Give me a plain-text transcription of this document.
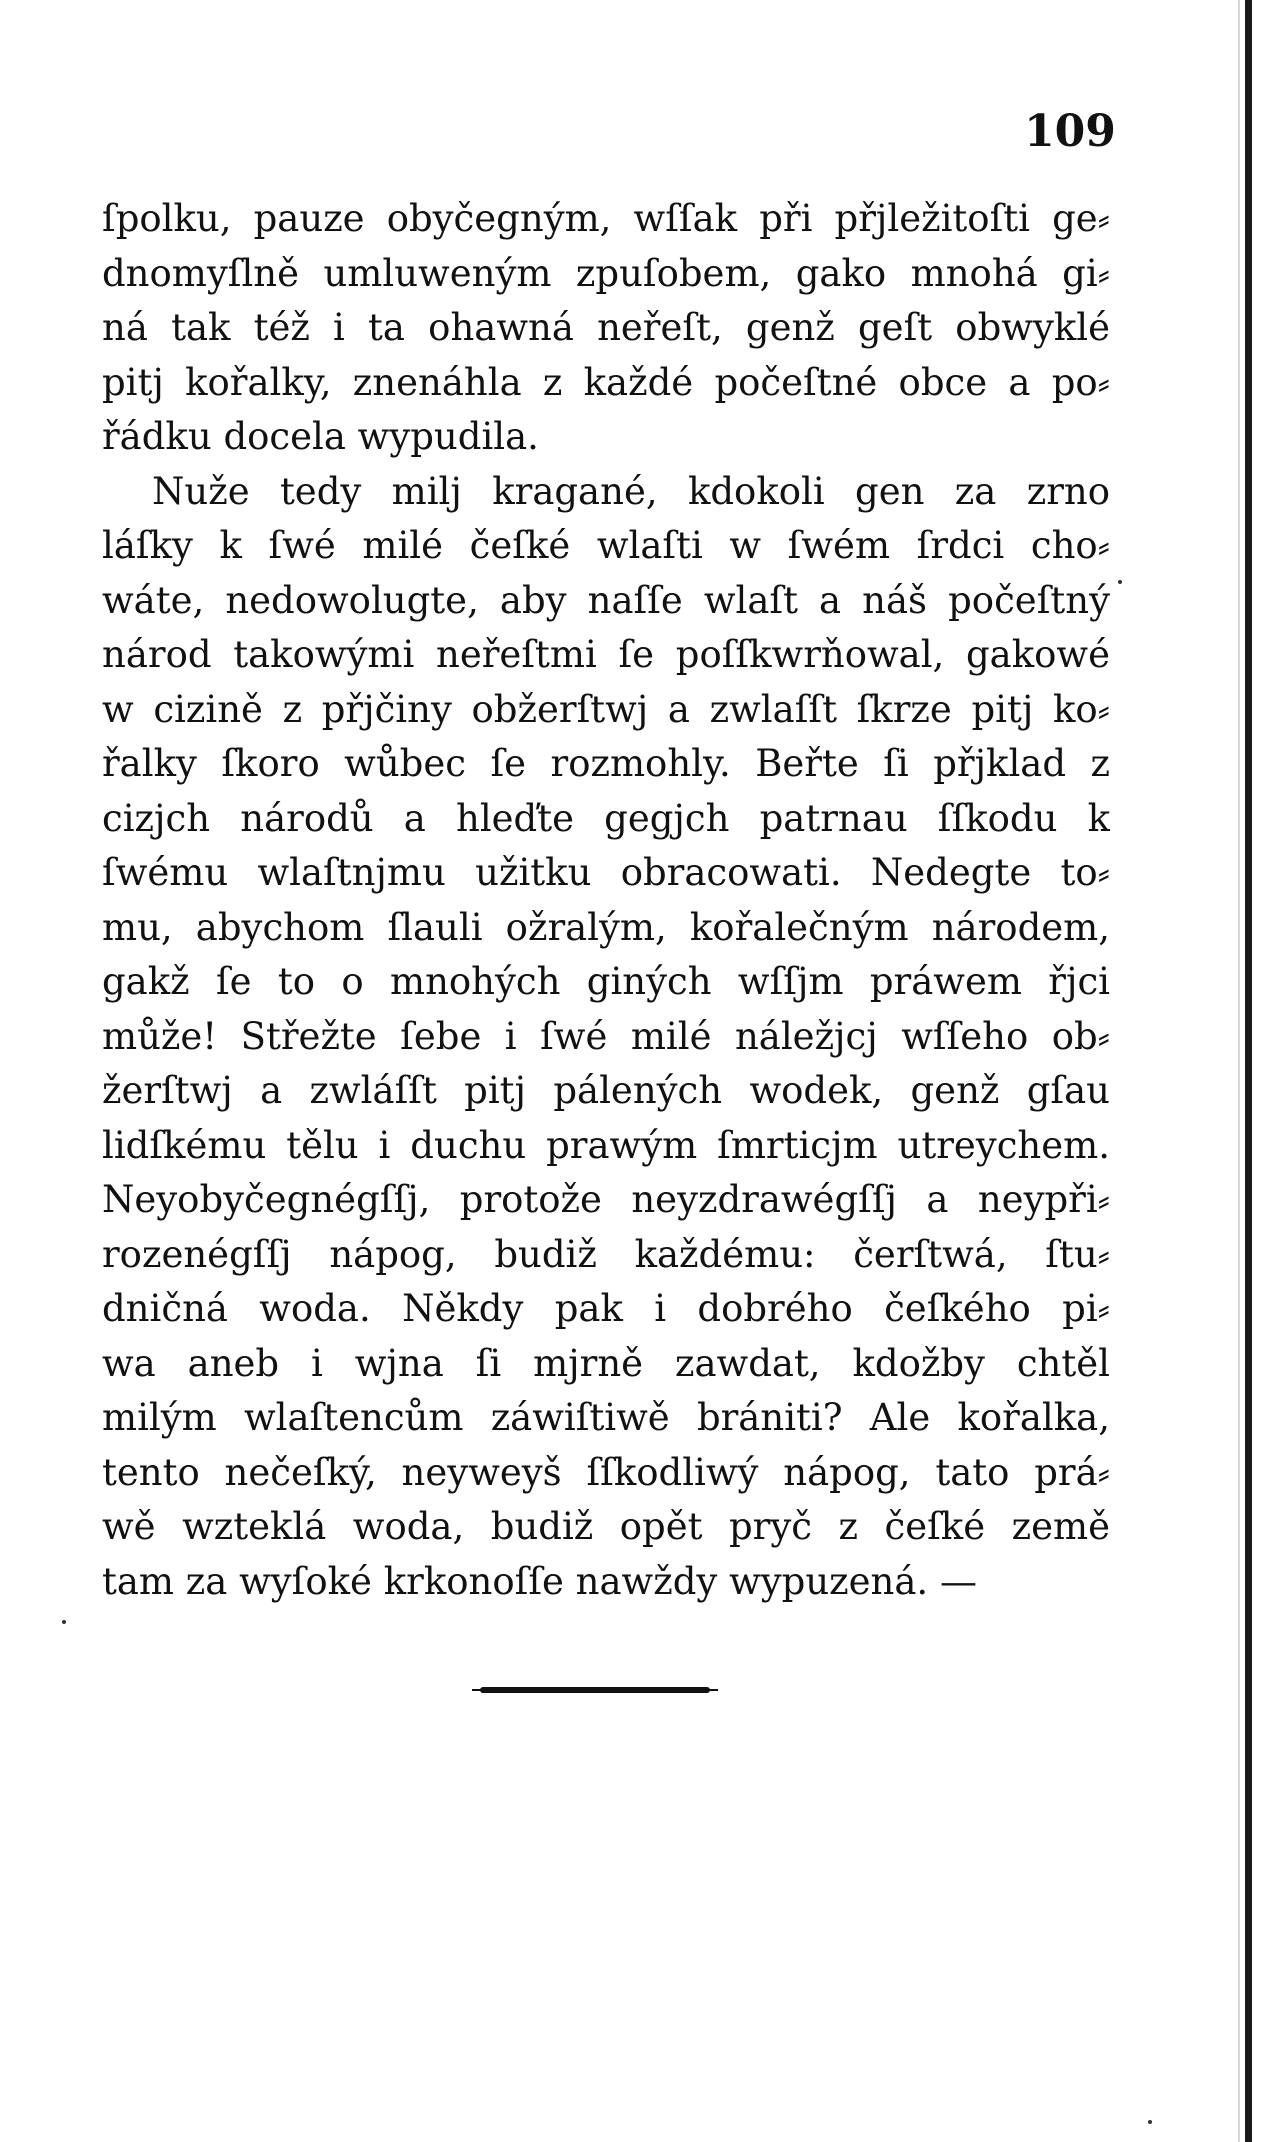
109
ſpolku, pauze obyčegným, wſſak při přjležitoſti ge⸗
dnomyſlně umluweným zpuſobem, gako mnohá gi⸗
ná tak též i ta ohawná neřeſt, genž geſt obwyklé
pitj kořalky, znenáhla z každé počeſtné obce a po⸗
řádku docela wypudila.
Nuže tedy milj kragané, kdokoli gen za zrno
láſky k ſwé milé čeſké wlaſti w ſwém ſrdci cho⸗
wáte, nedowolugte, aby naſſe wlaſt a náš počeſtný
národ takowými neřeſtmi ſe poſſkwrňowal, gakowé
w cizině z přjčiny obžerſtwj a zwlaſſt ſkrze pitj ko⸗
řalky ſkoro wůbec ſe rozmohly. Beřte ſi přjklad z
cizjch národů a hleďte gegjch patrnau ſſkodu k
ſwému wlaſtnjmu užitku obracowati. Nedegte to⸗
mu, abychom ſlauli ožralým, kořalečným národem,
gakž ſe to o mnohých giných wſſjm práwem řjci
může! Střežte ſebe i ſwé milé náležjcj wſſeho ob⸗
žerſtwj a zwláſſt pitj pálených wodek, genž gſau
lidſkému tělu i duchu prawým ſmrticjm utreychem.
Neyobyčegnégſſj, protože neyzdrawégſſj a neypři⸗
rozenégſſj nápog, budiž každému: čerſtwá, ſtu⸗
dničná woda. Někdy pak i dobrého čeſkého pi⸗
wa aneb i wjna ſi mjrně zawdat, kdožby chtěl
milým wlaſtencům záwiſtiwě brániti? Ale kořalka,
tento nečeſký, neyweyš ſſkodliwý nápog, tato prá⸗
wě wzteklá woda, budiž opět pryč z čeſké země
tam za wyſoké krkonoſſe nawždy wypuzená. —
